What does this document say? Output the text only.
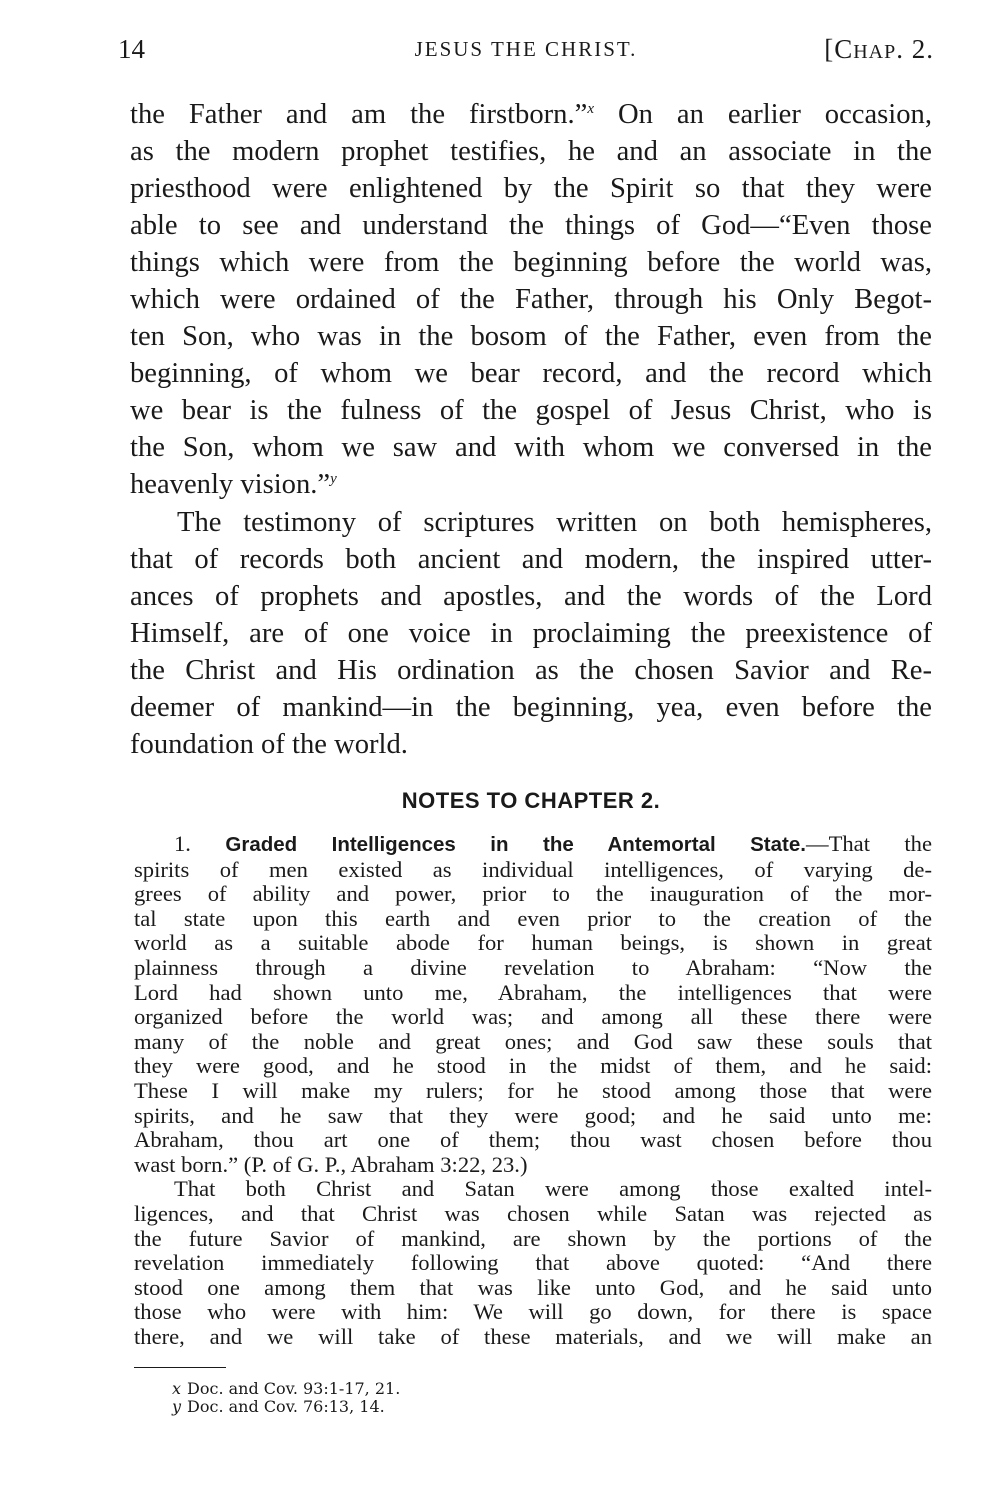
14	JESUS THE CHRIST.	[CHAP. 2.
the Father and am the firstborn.”$^x$ On an earlier occasion,
as the modern prophet testifies, he and an associate in the
priesthood were enlightened by the Spirit so that they were
able to see and understand the things of God—“Even those
things which were from the beginning before the world was,
which were ordained of the Father, through his Only Begot-
ten Son, who was in the bosom of the Father, even from the
beginning, of whom we bear record, and the record which
we bear is the fulness of the gospel of Jesus Christ, who is
the Son, whom we saw and with whom we conversed in the
heavenly vision.”$^y$
The testimony of scriptures written on both hemispheres,
that of records both ancient and modern, the inspired utter-
ances of prophets and apostles, and the words of the Lord
Himself, are of one voice in proclaiming the preexistence of
the Christ and His ordination as the chosen Savior and Re-
deemer of mankind—in the beginning, yea, even before the
foundation of the world.
NOTES TO CHAPTER 2.
1. Graded Intelligences in the Antemortal State.—That the
spirits of men existed as individual intelligences, of varying de-
grees of ability and power, prior to the inauguration of the mor-
tal state upon this earth and even prior to the creation of the
world as a suitable abode for human beings, is shown in great
plainness through a divine revelation to Abraham: “Now the
Lord had shown unto me, Abraham, the intelligences that were
organized before the world was; and among all these there were
many of the noble and great ones; and God saw these souls that
they were good, and he stood in the midst of them, and he said:
These I will make my rulers; for he stood among those that were
spirits, and he saw that they were good; and he said unto me:
Abraham, thou art one of them; thou wast chosen before thou
wast born.” (P. of G. P., Abraham 3:22, 23.)
That both Christ and Satan were among those exalted intel-
ligences, and that Christ was chosen while Satan was rejected as
the future Savior of mankind, are shown by the portions of the
revelation immediately following that above quoted: “And there
stood one among them that was like unto God, and he said unto
those who were with him: We will go down, for there is space
there, and we will take of these materials, and we will make an
x Doc. and Cov. 93:1-17, 21.
y Doc. and Cov. 76:13, 14.
